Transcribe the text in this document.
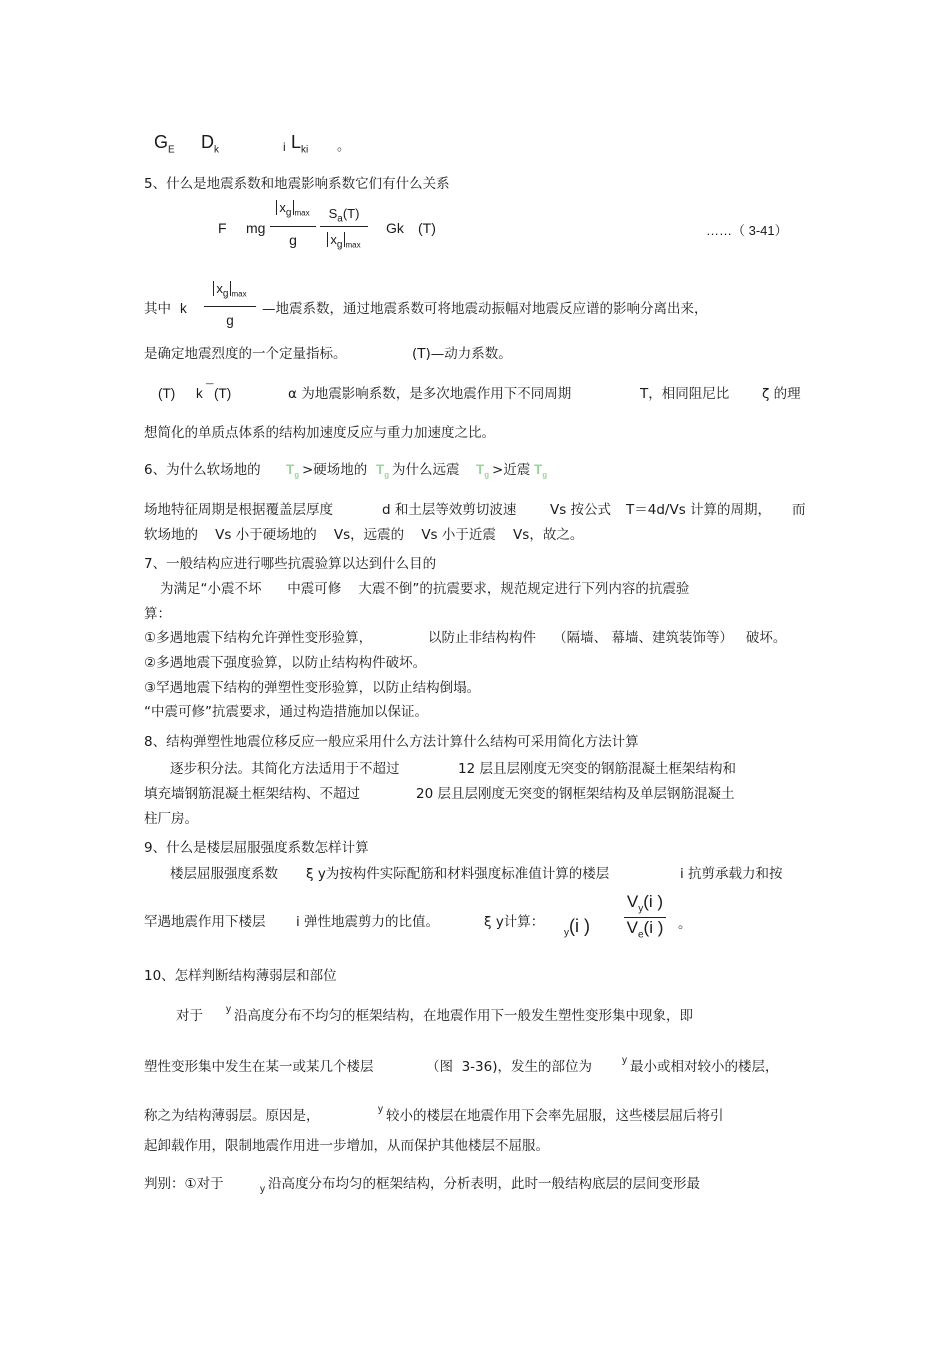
$G_E$ $D_k$	i $L_{ki}$ 。
5、什么是地震系数和地震影响系数它们有什么关系
F mg
$x_g$ $_{max}$
g
$S_a(T)$
$x_g$ $_{max}$
Gk (T)	……（ 3-41）
其中 k
$x_g$ $_{max}$
g
—地震系数，通过地震系数可将地震动振幅对地震反应谱的影响分离出来，
是确定地震烈度的一个定量指标。	(T)—动力系数。
(T) k ¯ (T)	α 为地震影响系数，是多次地震作用下不同周期	T，相同阻尼比 ζ 的理
想简化的单质点体系的结构加速度反应与重力加速度之比。
6、为什么软场地的 $T_g$ >硬场地的 $T_g$ 为什么远震 $T_g$ >近震 $T_g$
场地特征周期是根据覆盖层厚度	d 和土层等效剪切波速 Vs 按公式 T＝4d/Vs 计算的周期， 而
软场地的    Vs 小于硬场地的    Vs，远震的    Vs 小于近震    Vs，故之。
7、一般结构应进行哪些抗震验算以达到什么目的
为满足“小震不坏      中震可修    大震不倒”的抗震要求，规范规定进行下列内容的抗震验
算：
①多遇地震下结构允许弹性变形验算，	以防止非结构构件    （隔墙、 幕墙、建筑装饰等）   破坏。
②多遇地震下强度验算，以防止结构构件破坏。
③罕遇地震下结构的弹塑性变形验算，以防止结构倒塌。
“中震可修”抗震要求，通过构造措施加以保证。
8、结构弹塑性地震位移反应一般应采用什么方法计算什么结构可采用简化方法计算
逐步积分法。其简化方法适用于不超过	12 层且层刚度无突变的钢筋混凝土框架结构和
填充墙钢筋混凝土框架结构、不超过	20 层且层刚度无突变的钢框架结构及单层钢筋混凝土
柱厂房。
9、什么是楼层屈服强度系数怎样计算
楼层屈服强度系数 ξ y为按构件实际配筋和材料强度标准值计算的楼层	i 抗剪承载力和按
罕遇地震作用下楼层 i 弹性地震剪力的比值。	ξ y计算：
$_y$(i )
$V_y(i$ )
$V_e(i$ )	。
10、怎样判断结构薄弱层和部位
对于 y 沿高度分布不均匀的框架结构，在地震作用下一般发生塑性变形集中现象，即
塑性变形集中发生在某一或某几个楼层	（图  3-36)，发生的部位为	y 最小或相对较小的楼层，
称之为结构薄弱层。原因是，	y 较小的楼层在地震作用下会率先屈服，这些楼层屈后将引
起卸载作用，限制地震作用进一步增加，从而保护其他楼层不屈服。
判别：①对于	y 沿高度分布均匀的框架结构，分析表明，此时一般结构底层的层间变形最
